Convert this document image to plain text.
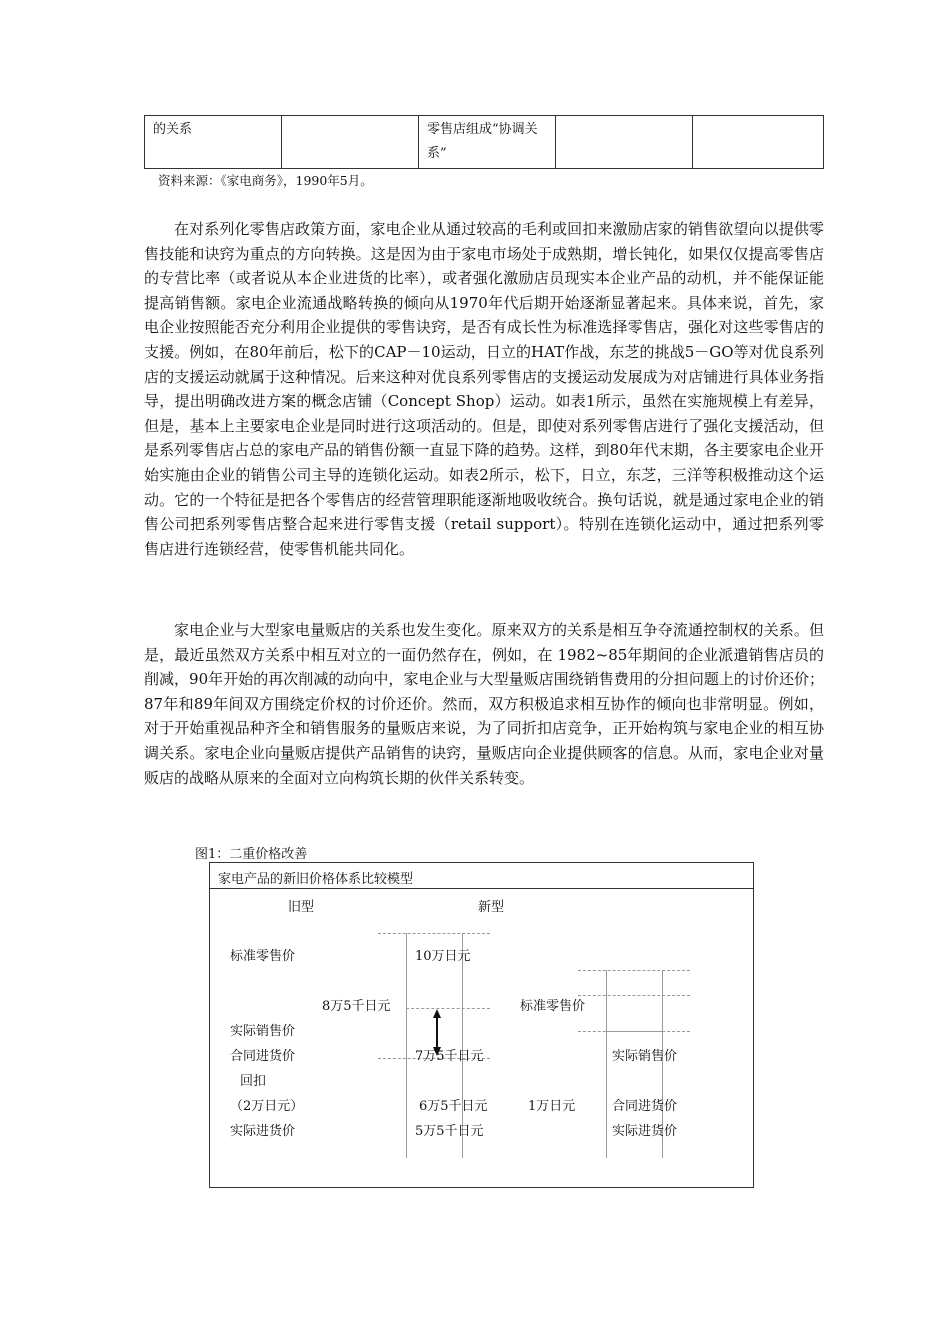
的关系		零售店组成“协调关系”		
资料来源：《家电商务》，1990年5月。

在对系列化零售店政策方面，家电企业从通过较高的毛利或回扣来激励店家的销售欲望向以提供零售技能和诀窍为重点的方向转换。这是因为由于家电市场处于成熟期，增长钝化，如果仅仅提高零售店的专营比率（或者说从本企业进货的比率），或者强化激励店员现实本企业产品的动机，并不能保证能提高销售额。家电企业流通战略转换的倾向从1970年代后期开始逐渐显著起来。具体来说，首先，家电企业按照能否充分利用企业提供的零售诀窍，是否有成长性为标准选择零售店，强化对这些零售店的支援。例如，在80年前后，松下的CAP－10运动，日立的HAT作战，东芝的挑战5－GO等对优良系列店的支援运动就属于这种情况。后来这种对优良系列零售店的支援运动发展成为对店铺进行具体业务指导，提出明确改进方案的概念店铺（Concept Shop）运动。如表1所示，虽然在实施规模上有差异，但是，基本上主要家电企业是同时进行这项活动的。但是，即使对系列零售店进行了强化支援活动，但是系列零售店占总的家电产品的销售份额一直显下降的趋势。这样，到80年代末期，各主要家电企业开始实施由企业的销售公司主导的连锁化运动。如表2所示，松下，日立，东芝，三洋等积极推动这个运动。它的一个特征是把各个零售店的经营管理职能逐渐地吸收统合。换句话说，就是通过家电企业的销售公司把系列零售店整合起来进行零售支援（retail support）。特别在连锁化运动中，通过把系列零售店进行连锁经营，使零售机能共同化。

家电企业与大型家电量贩店的关系也发生变化。原来双方的关系是相互争夺流通控制权的关系。但是，最近虽然双方关系中相互对立的一面仍然存在，例如，在 1982~85年期间的企业派遣销售店员的削减，90年开始的再次削减的动向中，家电企业与大型量贩店围绕销售费用的分担问题上的讨价还价；87年和89年间双方围绕定价权的讨价还价。然而，双方积极追求相互协作的倾向也非常明显。例如，对于开始重视品种齐全和销售服务的量贩店来说，为了同折扣店竞争，正开始构筑与家电企业的相互协调关系。家电企业向量贩店提供产品销售的诀窍，量贩店向企业提供顾客的信息。从而，家电企业对量贩店的战略从原来的全面对立向构筑长期的伙伴关系转变。

图1：二重价格改善
家电产品的新旧价格体系比较模型
旧型	新型
标准零售价
实际销售价
合同进货价
回扣
（2万日元）
实际进货价
10万日元
8万5千日元
7万5千日元
6万5千日元
5万5千日元
标准零售价
1万日元
实际销售价
合同进货价
实际进货价
